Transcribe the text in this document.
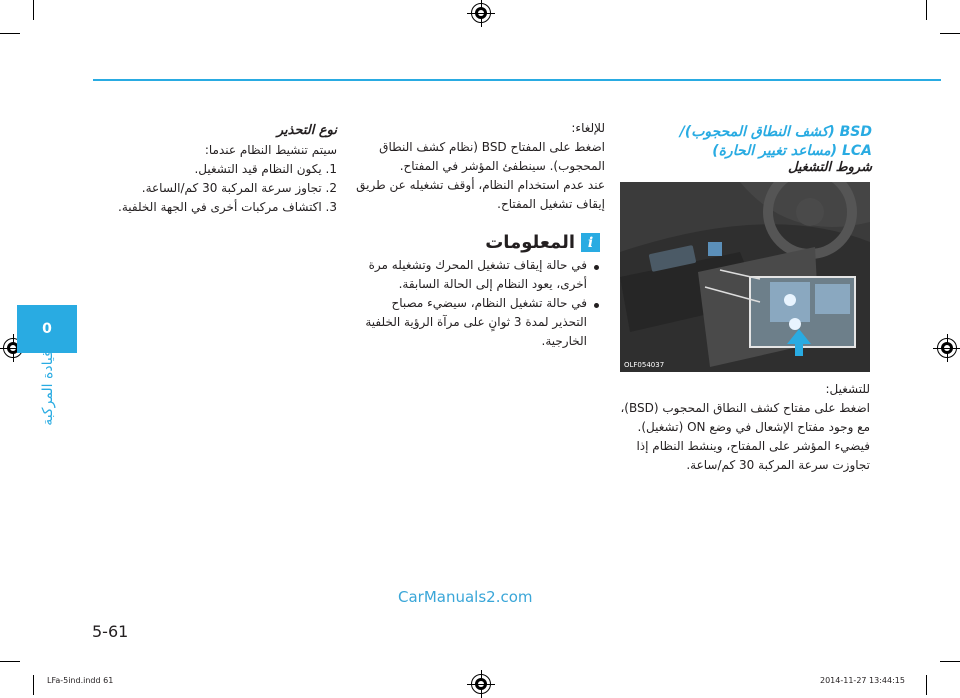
0
قيادة المركبة
BSD (كشف النطاق المحجوب)/
LCA (مساعد تغيير الحارة)
شروط التشغيل
OLF054037
للتشغيل:
اضغط على مفتاح كشف النطاق المحجوب (BSD)،
مع وجود مفتاح الإشعال في وضع ON (تشغيل).
فيضيء المؤشر على المفتاح، وينشط النظام إذا
تجاوزت سرعة المركبة 30 كم/ساعة.
للإلغاء:
اضغط على المفتاح BSD (نظام كشف النطاق
المحجوب). سينطفئ المؤشر في المفتاح.
عند عدم استخدام النظام، أوقف تشغيله عن طريق
إيقاف تشغيل المفتاح.
i
المعلومات
في حالة إيقاف تشغيل المحرك وتشغيله مرة
أخرى، يعود النظام إلى الحالة السابقة.
في حالة تشغيل النظام، سيضيء مصباح
التحذير لمدة 3 ثوانٍ على مرآة الرؤية الخلفية
الخارجية.
نوع التحذير
سيتم تنشيط النظام عندما:
1. يكون النظام قيد التشغيل.
2. تجاوز سرعة المركبة 30 كم/الساعة.
3. اكتشاف مركبات أخرى في الجهة الخلفية.
CarManuals2.com
5-61
LFa-5ind.indd 61	2014-11-27 13:44:15
